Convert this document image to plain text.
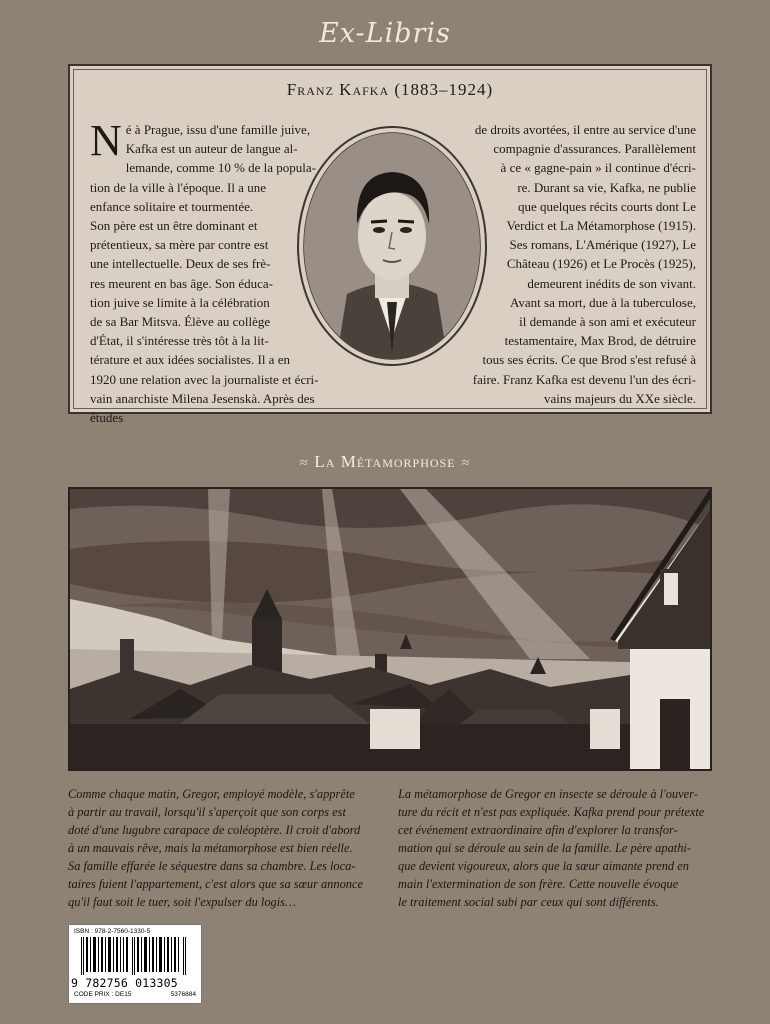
Ex-Libris
Franz Kafka (1883–1924)
Né à Prague, issu d'une famille juive,
Kafka est un auteur de langue al-
lemande, comme 10 % de la popula-
tion de la ville à l'époque. Il a une
enfance solitaire et tourmentée.
Son père est un être dominant et
prétentieux, sa mère par contre est
une intellectuelle. Deux de ses frè-
res meurent en bas âge. Son éduca-
tion juive se limite à la célébration
de sa Bar Mitsva. Élève au collège
d'État, il s'intéresse très tôt à la lit-
térature et aux idées socialistes. Il a en
1920 une relation avec la journaliste et écri-
vain anarchiste Milena Jesenskà. Après des études
de droits avortées, il entre au service d'une
compagnie d'assurances. Parallèlement
à ce « gagne-pain » il continue d'écri-
re. Durant sa vie, Kafka, ne publie
que quelques récits courts dont Le
Verdict et La Métamorphose (1915).
Ses romans, L'Amérique (1927), Le
Château (1926) et Le Procès (1925),
demeurent inédits de son vivant.
Avant sa mort, due à la tuberculose,
il demande à son ami et exécuteur
testamentaire, Max Brod, de détruire
tous ses écrits. Ce que Brod s'est refusé à
faire. Franz Kafka est devenu l'un des écri-
vains majeurs du XXe siècle.
≈ La Métamorphose ≈
Comme chaque matin, Gregor, employé modèle, s'apprête
à partir au travail, lorsqu'il s'aperçoit que son corps est
doté d'une lugubre carapace de coléoptère. Il croit d'abord
à un mauvais rêve, mais la métamorphose est bien réelle.
Sa famille effarée le séquestre dans sa chambre. Les loca-
taires fuient l'appartement, c'est alors que sa sœur annonce
qu'il faut soit le tuer, soit l'expulser du logis…
La métamorphose de Gregor en insecte se déroule à l'ouver-
ture du récit et n'est pas expliquée. Kafka prend pour prétexte
cet événement extraordinaire afin d'explorer la transfor-
mation qui se déroule au sein de la famille. Le père apathi-
que devient vigoureux, alors que la sœur aimante prend en
main l'extermination de son frère. Cette nouvelle évoque
le traitement social subi par ceux qui sont différents.
ISBN : 978-2-7560-1330-5
9 782756 013305
CODE PRIX : DE15	5376884
